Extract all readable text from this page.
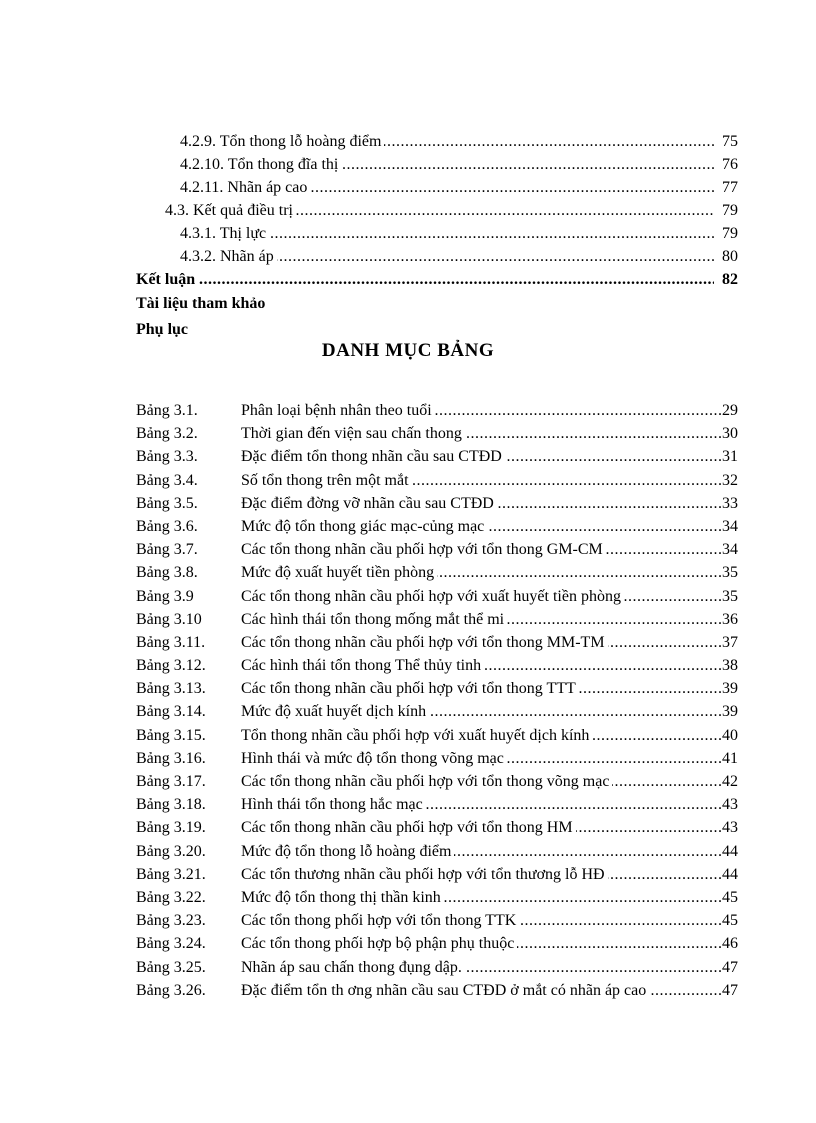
.....
4.2.9. Tổn thong lỗ hoàng điểm	75
.....
4.2.10. Tổn thong đĩa thị	76
.....
4.2.11. Nhãn áp cao	77
.....
4.3. Kết quả điều trị	79
.....
4.3.1. Thị lực	79
.....
4.3.2. Nhãn áp	80
.....
Kết luận	82
Tài liệu tham khảo
Phụ lục
DANH MỤC BẢNG
Bảng 3.1. .....	Phân loại bệnh nhân theo tuổi	29
Bảng 3.2. .....	Thời gian đến viện sau chấn thong	30
Bảng 3.3. .....	Đặc điểm tổn thong nhãn cầu sau CTĐD	31
Bảng 3.4. .....	Số tổn thong trên một mắt	32
Bảng 3.5. .....	Đặc điểm đờng vỡ nhãn cầu sau CTĐD	33
Bảng 3.6. .....	Mức độ tổn thong giác mạc-củng mạc	34
Bảng 3.7. .....	Các tổn thong nhãn cầu phối hợp với tổn thong GM-CM	34
Bảng 3.8. .....	Mức độ xuất huyết tiền phòng	35
Bảng 3.9 .....	Các tổn thong nhãn cầu phối hợp với xuất huyết tiền phòng	35
Bảng 3.10 ..... Các hình thái tổn thong mống mắt thể mi	36
Bảng 3.11. ..... Các tổn thong nhãn cầu phối hợp với tổn thong MM-TM	37
Bảng 3.12. ..... Các hình thái tổn thong Thể thủy tinh	38
Bảng 3.13. ..... Các tổn thong nhãn cầu phối hợp với tổn thong TTT	39
Bảng 3.14. ..... Mức độ xuất huyết dịch kính	39
Bảng 3.15. ..... Tổn thong nhãn cầu phối hợp với xuất huyết dịch kính	40
Bảng 3.16. ..... Hình thái và mức độ tổn thong võng mạc	41
Bảng 3.17. ..... Các tổn thong nhãn cầu phối hợp với tổn thong võng mạc	42
Bảng 3.18. ..... Hình thái tổn thong hắc mạc	43
Bảng 3.19. ..... Các tổn thong nhãn cầu phối hợp với tổn thong HM	43
Bảng 3.20. ..... Mức độ tổn thong lỗ hoàng điểm	44
Bảng 3.21. ..... Các tổn thương nhãn cầu phối hợp với tổn thương lỗ HĐ	44
Bảng 3.22. ..... Mức độ tổn thong thị thần kinh	45
Bảng 3.23. ..... Các tổn thong phối hợp với tổn thong TTK	45
Bảng 3.24. ..... Các tổn thong phối hợp bộ phận phụ thuộc	46
Bảng 3.25. ..... Nhãn áp sau chấn thong đụng dập.	47
Bảng 3.26. ..... Đặc điểm tổn th ơng nhãn cầu sau CTĐD ở mắt có nhãn áp cao	47
